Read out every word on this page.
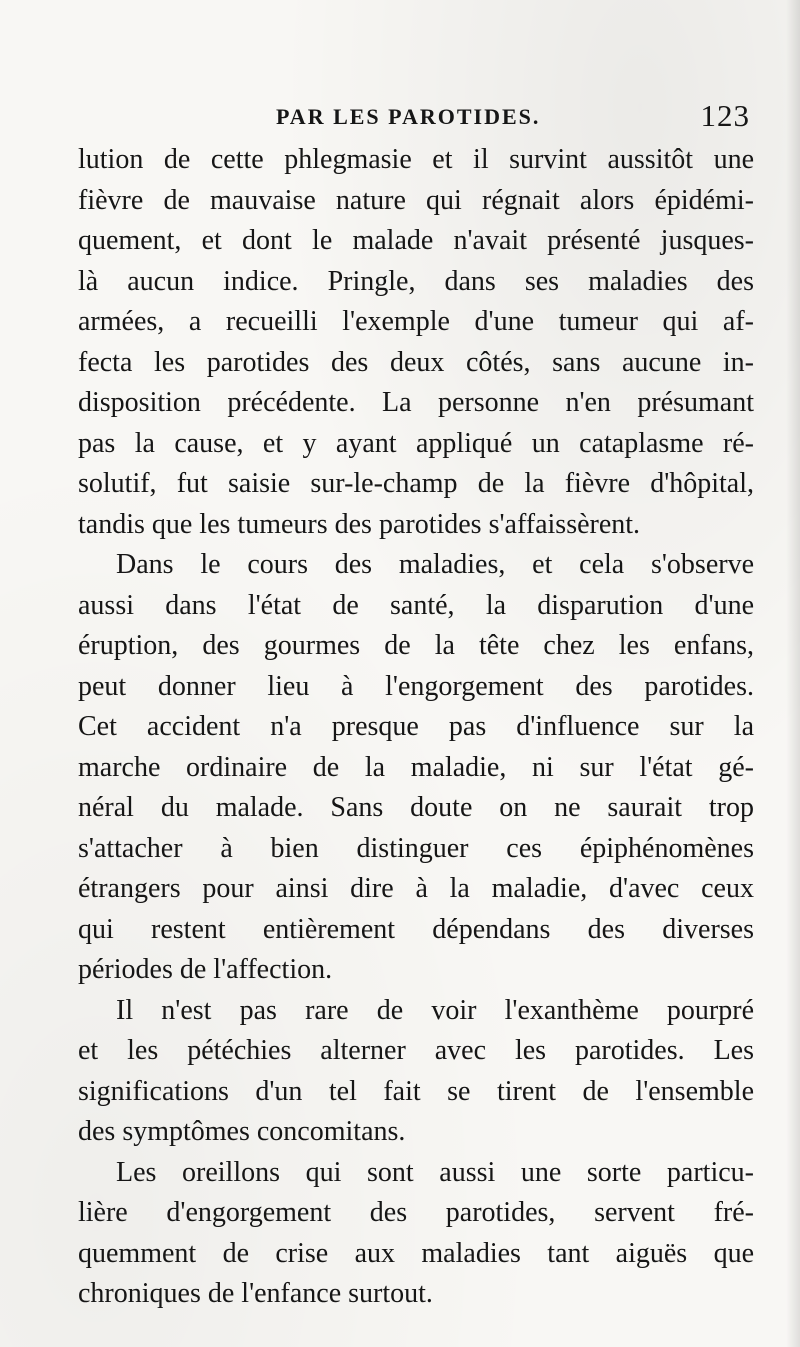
PAR LES PAROTIDES.	123
lution de cette phlegmasie et il survint aussitôt une
fièvre de mauvaise nature qui régnait alors épidémi-
quement, et dont le malade n'avait présenté jusques-
là aucun indice. Pringle, dans ses maladies des
armées, a recueilli l'exemple d'une tumeur qui af-
fecta les parotides des deux côtés, sans aucune in-
disposition précédente. La personne n'en présumant
pas la cause, et y ayant appliqué un cataplasme ré-
solutif, fut saisie sur-le-champ de la fièvre d'hôpital,
tandis que les tumeurs des parotides s'affaissèrent.
Dans le cours des maladies, et cela s'observe
aussi dans l'état de santé, la disparution d'une
éruption, des gourmes de la tête chez les enfans,
peut donner lieu à l'engorgement des parotides.
Cet accident n'a presque pas d'influence sur la
marche ordinaire de la maladie, ni sur l'état gé-
néral du malade. Sans doute on ne saurait trop
s'attacher à bien distinguer ces épiphénomènes
étrangers pour ainsi dire à la maladie, d'avec ceux
qui restent entièrement dépendans des diverses
périodes de l'affection.
Il n'est pas rare de voir l'exanthème pourpré
et les pétéchies alterner avec les parotides. Les
significations d'un tel fait se tirent de l'ensemble
des symptômes concomitans.
Les oreillons qui sont aussi une sorte particu-
lière d'engorgement des parotides, servent fré-
quemment de crise aux maladies tant aiguës que
chroniques de l'enfance surtout.
